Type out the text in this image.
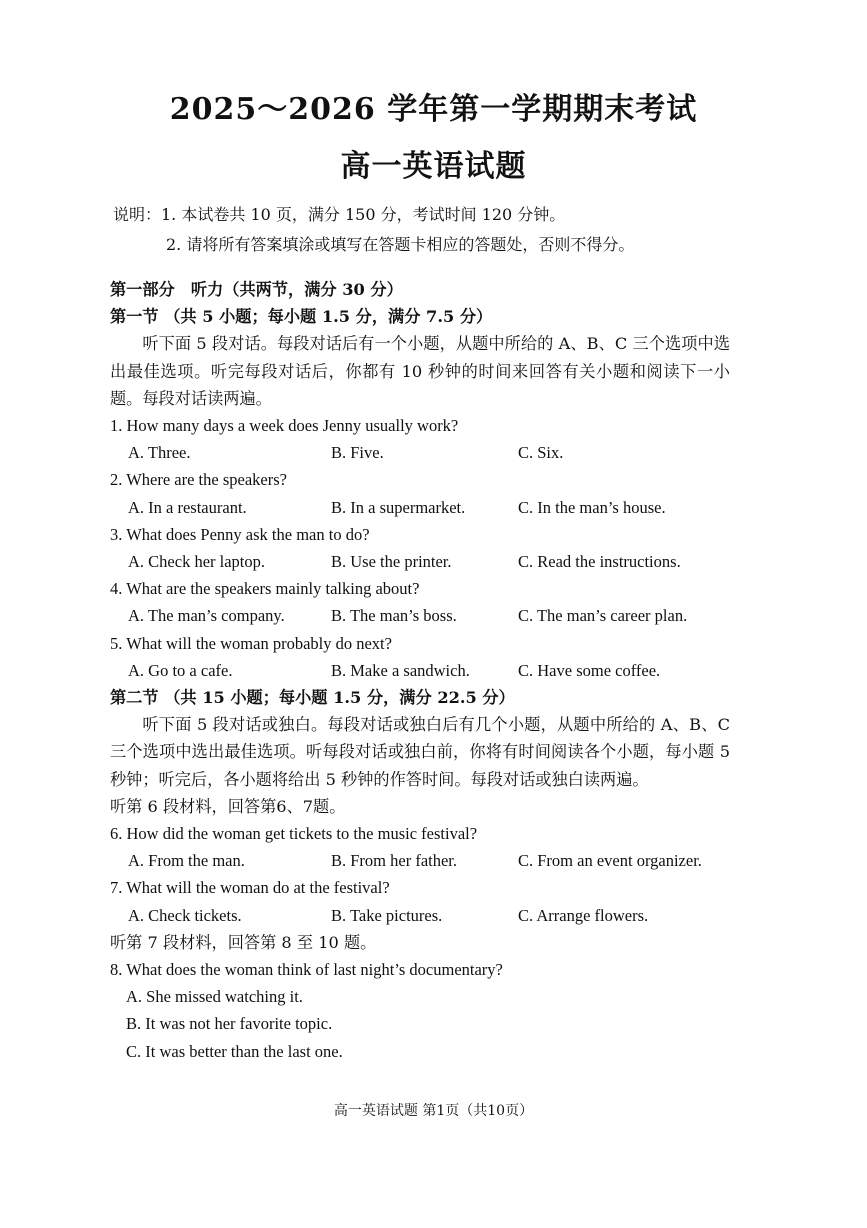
2025～2026 学年第一学期期末考试
高一英语试题
说明：1. 本试卷共 10 页，满分 150 分，考试时间 120 分钟。
2. 请将所有答案填涂或填写在答题卡相应的答题处，否则不得分。
第一部分　听力（共两节，满分 30 分）
第一节 （共 5 小题；每小题 1.5 分，满分 7.5 分）
听下面 5 段对话。每段对话后有一个小题，从题中所给的 A、B、C 三个选项中选出最佳选项。听完每段对话后，你都有 10 秒钟的时间来回答有关小题和阅读下一小题。每段对话读两遍。
1. How many days a week does Jenny usually work?
A. Three.	B. Five.	C. Six.
2. Where are the speakers?
A. In a restaurant.	B. In a supermarket.	C. In the man’s house.
3. What does Penny ask the man to do?
A. Check her laptop.	B. Use the printer.	C. Read the instructions.
4. What are the speakers mainly talking about?
A. The man’s company.	B. The man’s boss.	C. The man’s career plan.
5. What will the woman probably do next?
A. Go to a cafe.	B. Make a sandwich.	C. Have some coffee.
第二节 （共 15 小题；每小题 1.5 分，满分 22.5 分）
听下面 5 段对话或独白。每段对话或独白后有几个小题，从题中所给的 A、B、C 三个选项中选出最佳选项。听每段对话或独白前，你将有时间阅读各个小题，每小题 5 秒钟；听完后，各小题将给出 5 秒钟的作答时间。每段对话或独白读两遍。
听第 6 段材料，回答第6、7题。
6. How did the woman get tickets to the music festival?
A. From the man.	B. From her father.	C. From an event organizer.
7. What will the woman do at the festival?
A. Check tickets.	B. Take pictures.	C. Arrange flowers.
听第 7 段材料，回答第 8 至 10 题。
8. What does the woman think of last night’s documentary?
A. She missed watching it.
B. It was not her favorite topic.
C. It was better than the last one.
高一英语试题 第1页（共10页）
